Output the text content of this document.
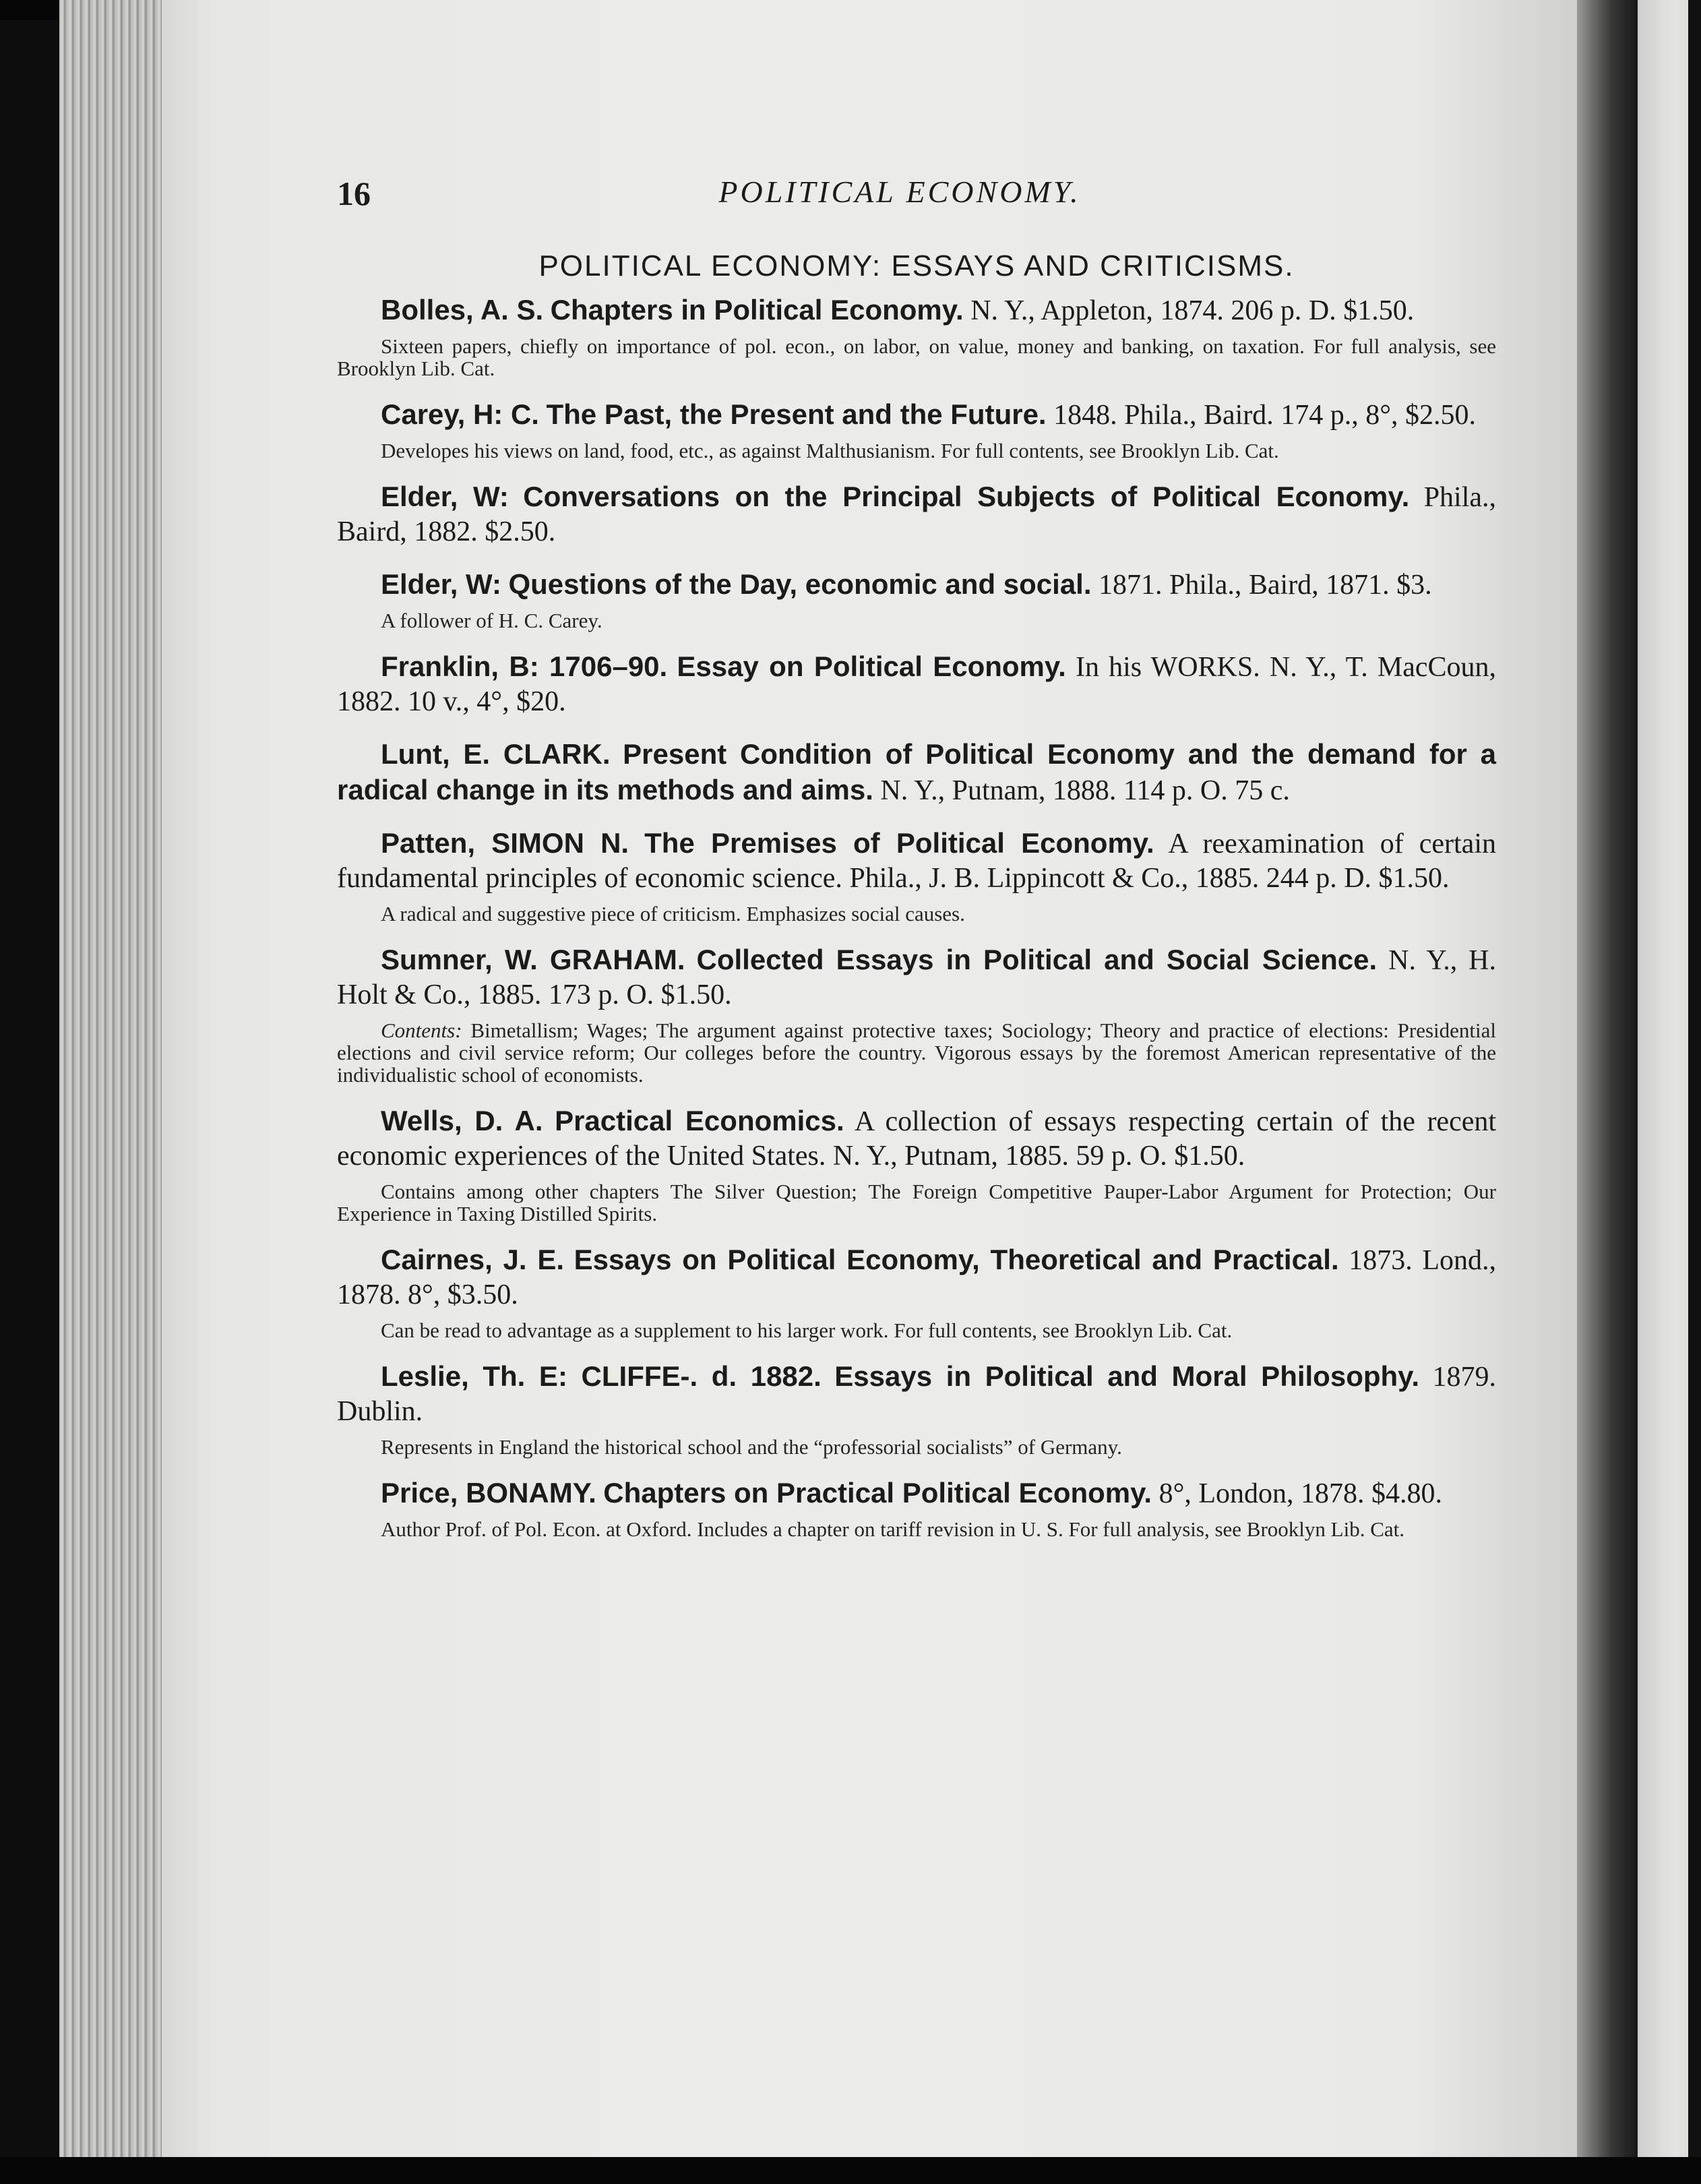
16	POLITICAL ECONOMY.
POLITICAL ECONOMY: ESSAYS AND CRITICISMS.

Bolles, A. S. Chapters in Political Economy. N. Y., Appleton, 1874. 206 p. D. $1.50.

Sixteen papers, chiefly on importance of pol. econ., on labor, on value, money and banking, on taxation. For full analysis, see Brooklyn Lib. Cat.

Carey, H: C. The Past, the Present and the Future. 1848. Phila., Baird. 174 p., 8°, $2.50.

Developes his views on land, food, etc., as against Malthusianism. For full contents, see Brooklyn Lib. Cat.

Elder, W: Conversations on the Principal Subjects of Political Economy. Phila., Baird, 1882. $2.50.

Elder, W: Questions of the Day, economic and social. 1871. Phila., Baird, 1871. $3.

A follower of H. C. Carey.

Franklin, B: 1706–90. Essay on Political Economy. In his WORKS. N. Y., T. MacCoun, 1882. 10 v., 4°, $20.

Lunt, E. CLARK. Present Condition of Political Economy and the demand for a radical change in its methods and aims. N. Y., Putnam, 1888. 114 p. O. 75 c.

Patten, SIMON N. The Premises of Political Economy. A reexamination of certain fundamental principles of economic science. Phila., J. B. Lippincott & Co., 1885. 244 p. D. $1.50.

A radical and suggestive piece of criticism. Emphasizes social causes.

Sumner, W. GRAHAM. Collected Essays in Political and Social Science. N. Y., H. Holt & Co., 1885. 173 p. O. $1.50.

Contents: Bimetallism; Wages; The argument against protective taxes; Sociology; Theory and practice of elections: Presidential elections and civil service reform; Our colleges before the country. Vigorous essays by the foremost American representative of the individualistic school of economists.

Wells, D. A. Practical Economics. A collection of essays respecting certain of the recent economic experiences of the United States. N. Y., Putnam, 1885. 59 p. O. $1.50.

Contains among other chapters The Silver Question; The Foreign Competitive Pauper-Labor Argument for Protection; Our Experience in Taxing Distilled Spirits.

Cairnes, J. E. Essays on Political Economy, Theoretical and Practical. 1873. Lond., 1878. 8°, $3.50.

Can be read to advantage as a supplement to his larger work. For full contents, see Brooklyn Lib. Cat.

Leslie, Th. E: CLIFFE-. d. 1882. Essays in Political and Moral Philosophy. 1879. Dublin.

Represents in England the historical school and the “professorial socialists” of Germany.

Price, BONAMY. Chapters on Practical Political Economy. 8°, London, 1878. $4.80.

Author Prof. of Pol. Econ. at Oxford. Includes a chapter on tariff revision in U. S. For full analysis, see Brooklyn Lib. Cat.
